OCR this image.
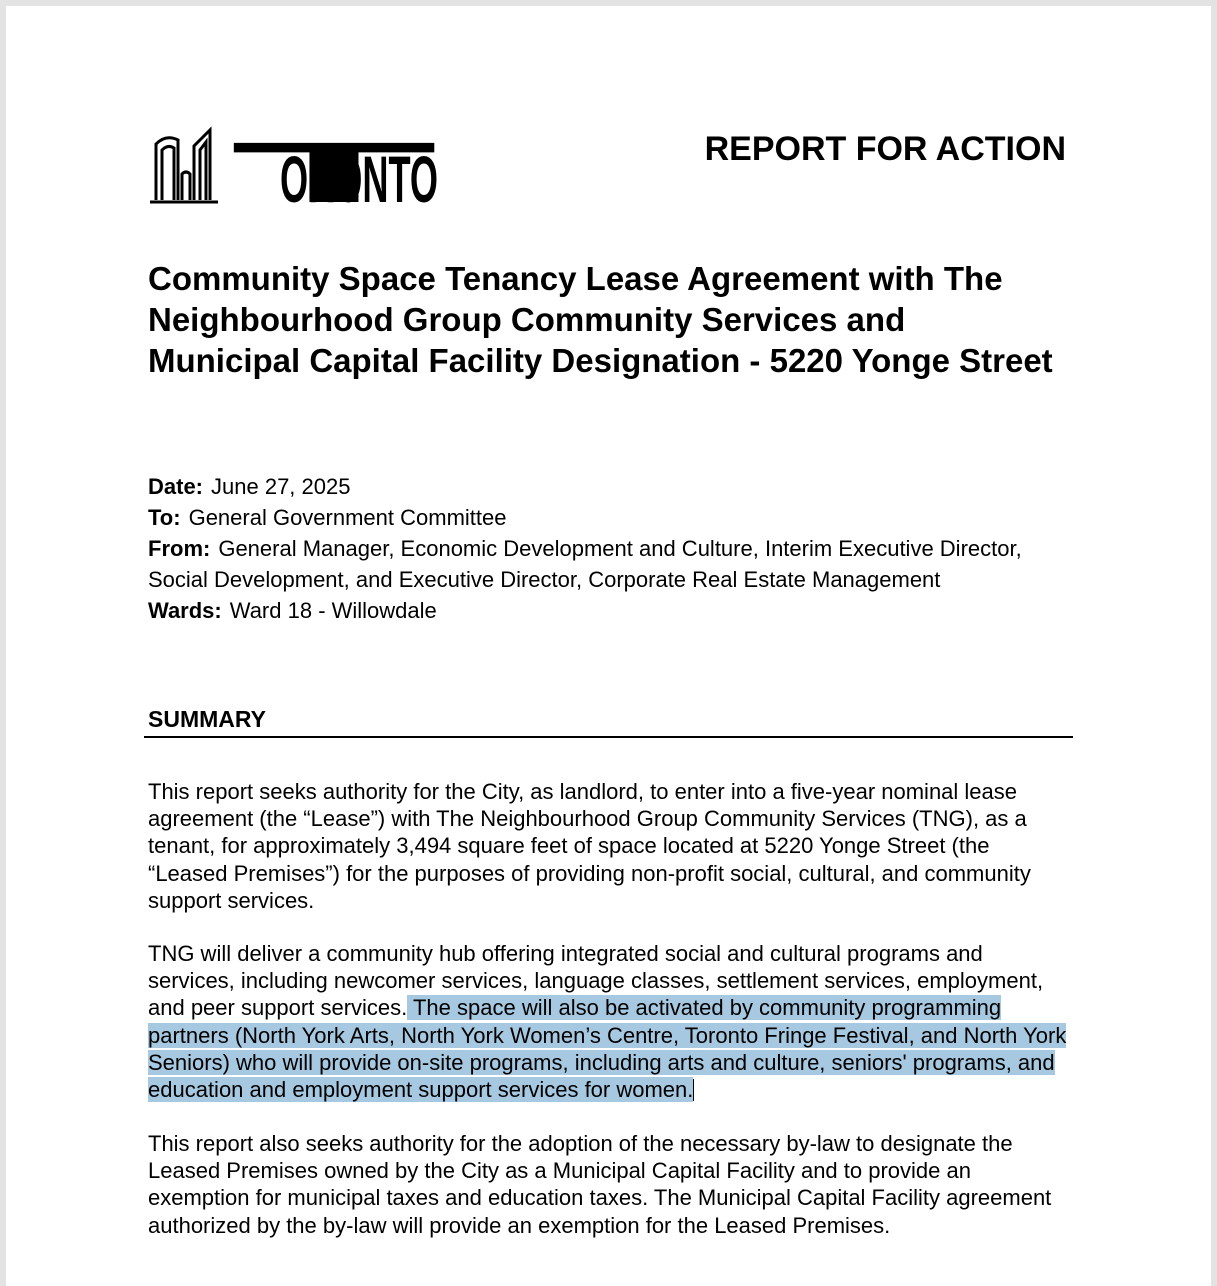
T
ORONTO	REPORT FOR ACTION
Community Space Tenancy Lease Agreement with The Neighbourhood Group Community Services and Municipal Capital Facility Designation - 5220 Yonge Street

Date: June 27, 2025

To: General Government Committee

From: General Manager, Economic Development and Culture, Interim Executive Director, Social Development, and Executive Director, Corporate Real Estate Management

Wards: Ward 18 - Willowdale

SUMMARY

This report seeks authority for the City, as landlord, to enter into a five-year nominal lease agreement (the “Lease”) with The Neighbourhood Group Community Services (TNG), as a tenant, for approximately 3,494 square feet of space located at 5220 Yonge Street (the “Leased Premises”) for the purposes of providing non-profit social, cultural, and community support services.

TNG will deliver a community hub offering integrated social and cultural programs and services, including newcomer services, language classes, settlement services, employment, and peer support services. The space will also be activated by community programming partners (North York Arts, North York Women’s Centre, Toronto Fringe Festival, and North York Seniors) who will provide on-site programs, including arts and culture, seniors' programs, and education and employment support services for women.

This report also seeks authority for the adoption of the necessary by-law to designate the Leased Premises owned by the City as a Municipal Capital Facility and to provide an exemption for municipal taxes and education taxes. The Municipal Capital Facility agreement authorized by the by-law will provide an exemption for the Leased Premises.
